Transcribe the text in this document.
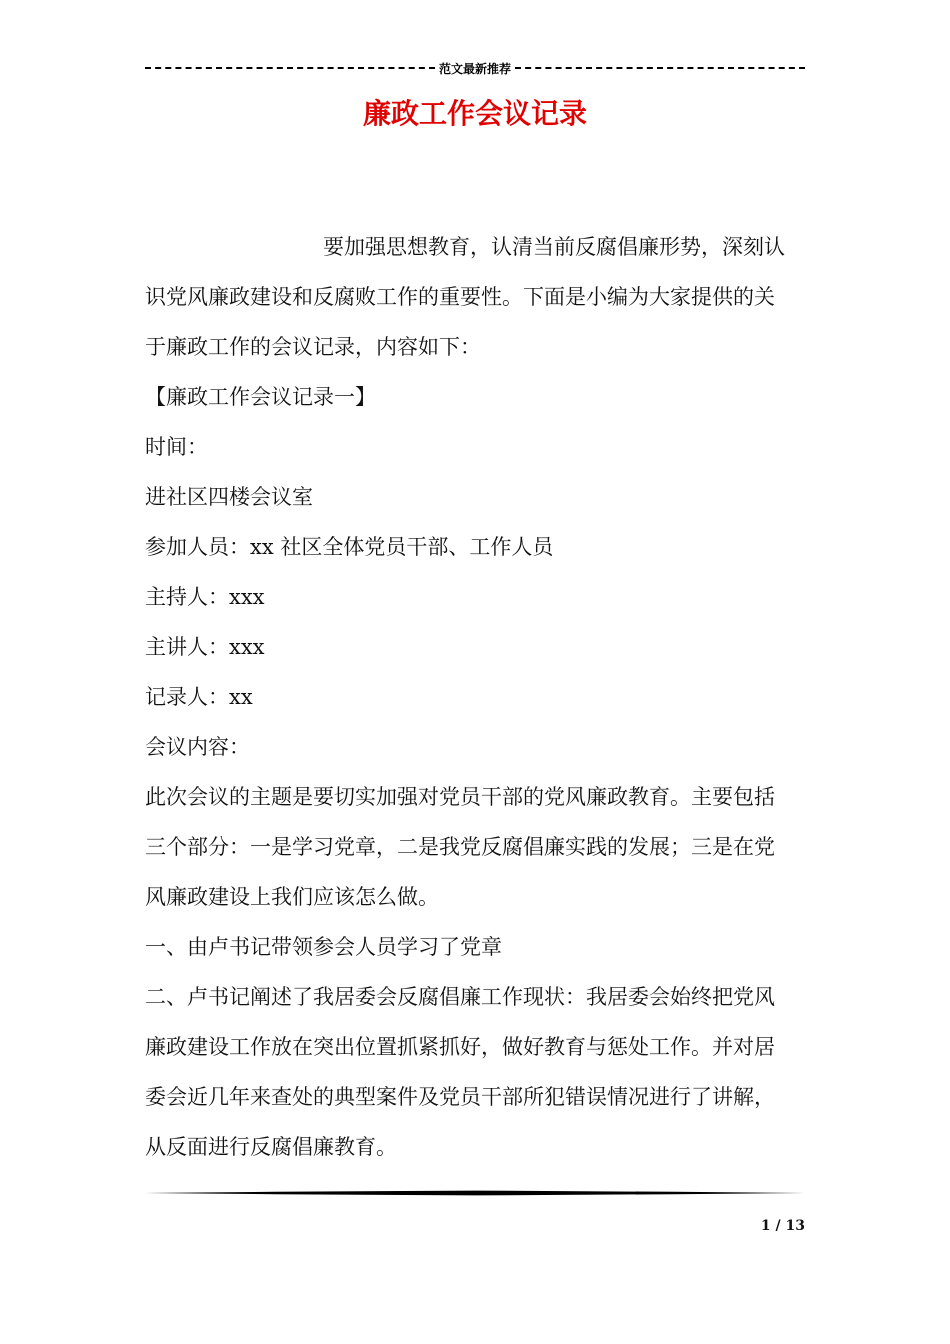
范文最新推荐
廉政工作会议记录

要加强思想教育，认清当前反腐倡廉形势，深刻认

识党风廉政建设和反腐败工作的重要性。下面是小编为大家提供的关

于廉政工作的会议记录，内容如下：

【廉政工作会议记录一】

时间：

进社区四楼会议室

参加人员：xx 社区全体党员干部、工作人员

主持人：xxx

主讲人：xxx

记录人：xx

会议内容：

此次会议的主题是要切实加强对党员干部的党风廉政教育。主要包括

三个部分：一是学习党章，二是我党反腐倡廉实践的发展；三是在党

风廉政建设上我们应该怎么做。

一、由卢书记带领参会人员学习了党章

二、卢书记阐述了我居委会反腐倡廉工作现状：我居委会始终把党风

廉政建设工作放在突出位置抓紧抓好，做好教育与惩处工作。并对居

委会近几年来查处的典型案件及党员干部所犯错误情况进行了讲解，

从反面进行反腐倡廉教育。

1 / 13
